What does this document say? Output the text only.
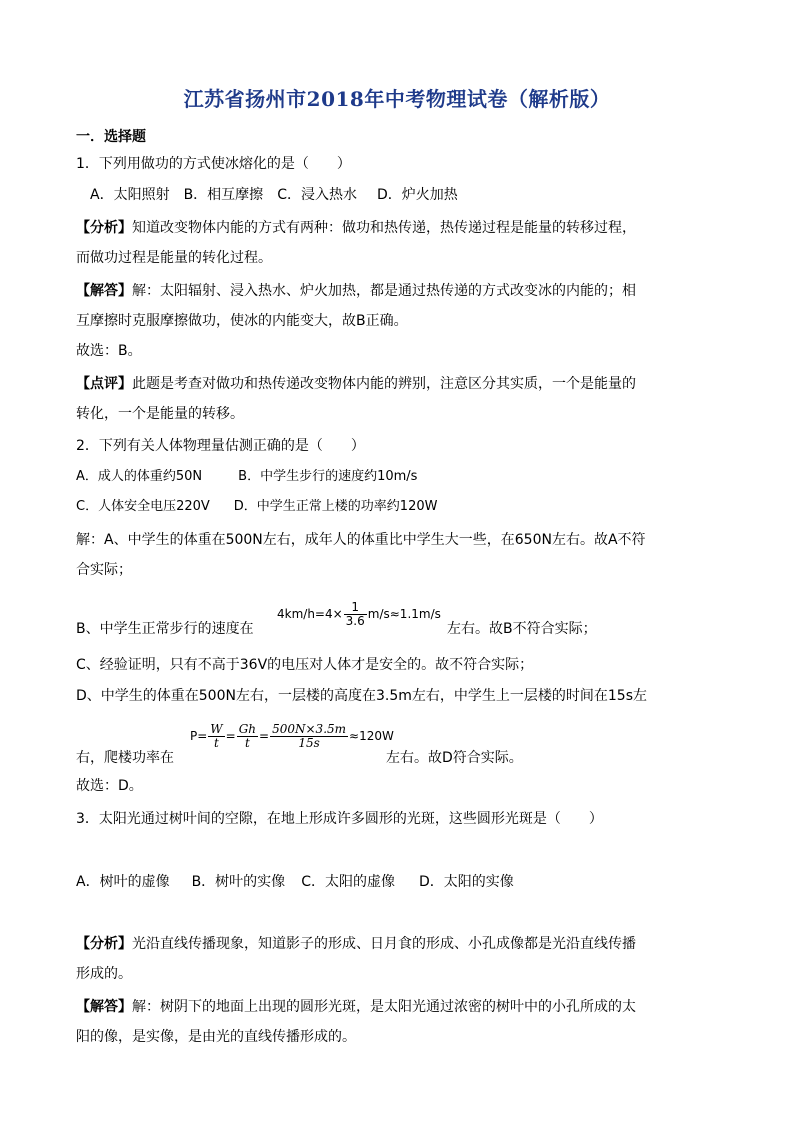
江苏省扬州市2018年中考物理试卷（解析版）
一．选择题
1．下列用做功的方式使冰熔化的是（　　）
A．太阳照射 B．相互摩擦 C．浸入热水 D．炉火加热
【分析】知道改变物体内能的方式有两种：做功和热传递，热传递过程是能量的转移过程，
而做功过程是能量的转化过程。
【解答】解：太阳辐射、浸入热水、炉火加热，都是通过热传递的方式改变冰的内能的；相
互摩擦时克服摩擦做功，使冰的内能变大，故B正确。
故选：B。
【点评】此题是考查对做功和热传递改变物体内能的辨别，注意区分其实质，一个是能量的
转化，一个是能量的转移。
2．下列有关人体物理量估测正确的是（　　）
A．成人的体重约50N	B．中学生步行的速度约10m/s
C．人体安全电压220V D．中学生正常上楼的功率约120W
解：A、中学生的体重在500N左右，成年人的体重比中学生大一些，在650N左右。故A不符
合实际；
B、中学生正常步行的速度在
$4km/h=4\times \frac{1}{3.6} m/s\approx 1.1m/s$
左右。故B不符合实际；
C、经验证明，只有不高于36V的电压对人体才是安全的。故不符合实际；
D、中学生的体重在500N左右，一层楼的高度在3.5m左右，中学生上一层楼的时间在15s左
右，爬楼功率在
$P= \frac{W}{t} = \frac{Gh}{t} = \frac{500N\times 3.5m}{15s} \approx 120W$
左右。故D符合实际。
故选：D。
3．太阳光通过树叶间的空隙，在地上形成许多圆形的光斑，这些圆形光斑是（　　）
A．树叶的虚像 B．树叶的实像 C．太阳的虚像 D．太阳的实像
【分析】光沿直线传播现象，知道影子的形成、日月食的形成、小孔成像都是光沿直线传播
形成的。
【解答】解：树阴下的地面上出现的圆形光斑，是太阳光通过浓密的树叶中的小孔所成的太
阳的像，是实像，是由光的直线传播形成的。
